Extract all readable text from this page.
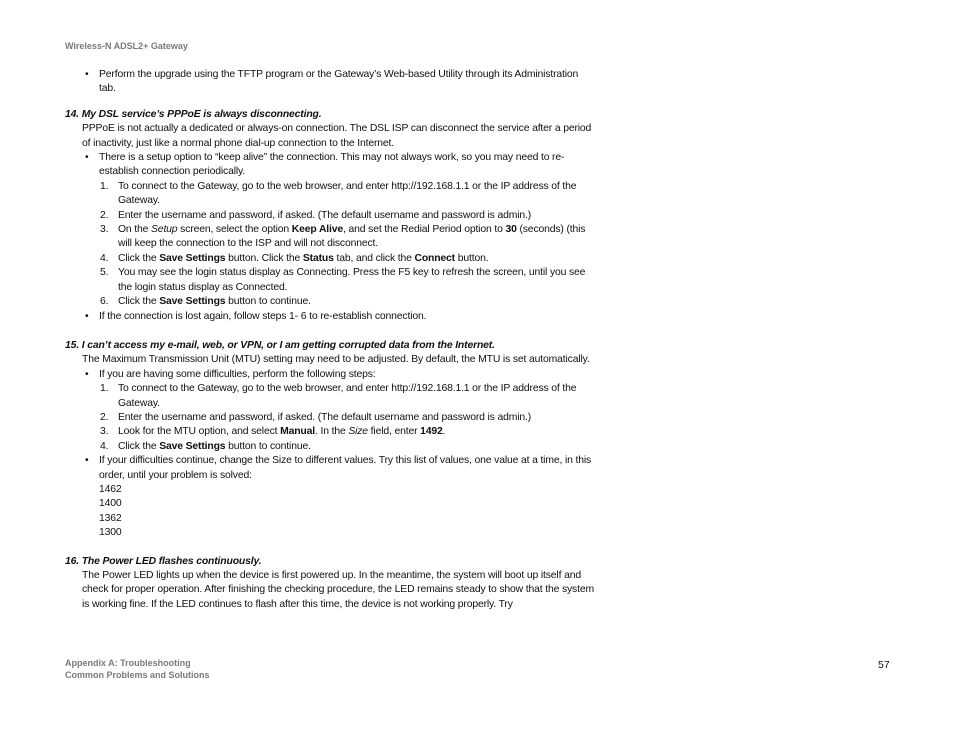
Wireless-N ADSL2+ Gateway
• Perform the upgrade using the TFTP program or the Gateway’s Web-based Utility through its Administration tab.

14. My DSL service’s PPPoE is always disconnecting.

PPPoE is not actually a dedicated or always-on connection. The DSL ISP can disconnect the service after a period of inactivity, just like a normal phone dial-up connection to the Internet.

• There is a setup option to “keep alive” the connection. This may not always work, so you may need to re-establish connection periodically.
1. To connect to the Gateway, go to the web browser, and enter http://192.168.1.1 or the IP address of the Gateway.
2. Enter the username and password, if asked. (The default username and password is admin.)
3. On the Setup screen, select the option Keep Alive, and set the Redial Period option to 30 (seconds) (this will keep the connection to the ISP and will not disconnect.
4. Click the Save Settings button. Click the Status tab, and click the Connect button.
5. You may see the login status display as Connecting. Press the F5 key to refresh the screen, until you see the login status display as Connected.
6. Click the Save Settings button to continue.
• If the connection is lost again, follow steps 1- 6 to re-establish connection.

15. I can’t access my e-mail, web, or VPN, or I am getting corrupted data from the Internet.

The Maximum Transmission Unit (MTU) setting may need to be adjusted. By default, the MTU is set automatically.

• If you are having some difficulties, perform the following steps:
1. To connect to the Gateway, go to the web browser, and enter http://192.168.1.1 or the IP address of the Gateway.
2. Enter the username and password, if asked. (The default username and password is admin.)
3. Look for the MTU option, and select Manual. In the Size field, enter 1492.
4. Click the Save Settings button to continue.
• If your difficulties continue, change the Size to different values. Try this list of values, one value at a time, in this order, until your problem is solved:

1462

1400

1362

1300

16. The Power LED flashes continuously.

The Power LED lights up when the device is first powered up. In the meantime, the system will boot up itself and check for proper operation. After finishing the checking procedure, the LED remains steady to show that the system is working fine. If the LED continues to flash after this time, the device is not working properly. Try

Appendix A: Troubleshooting
Common Problems and Solutions
57
